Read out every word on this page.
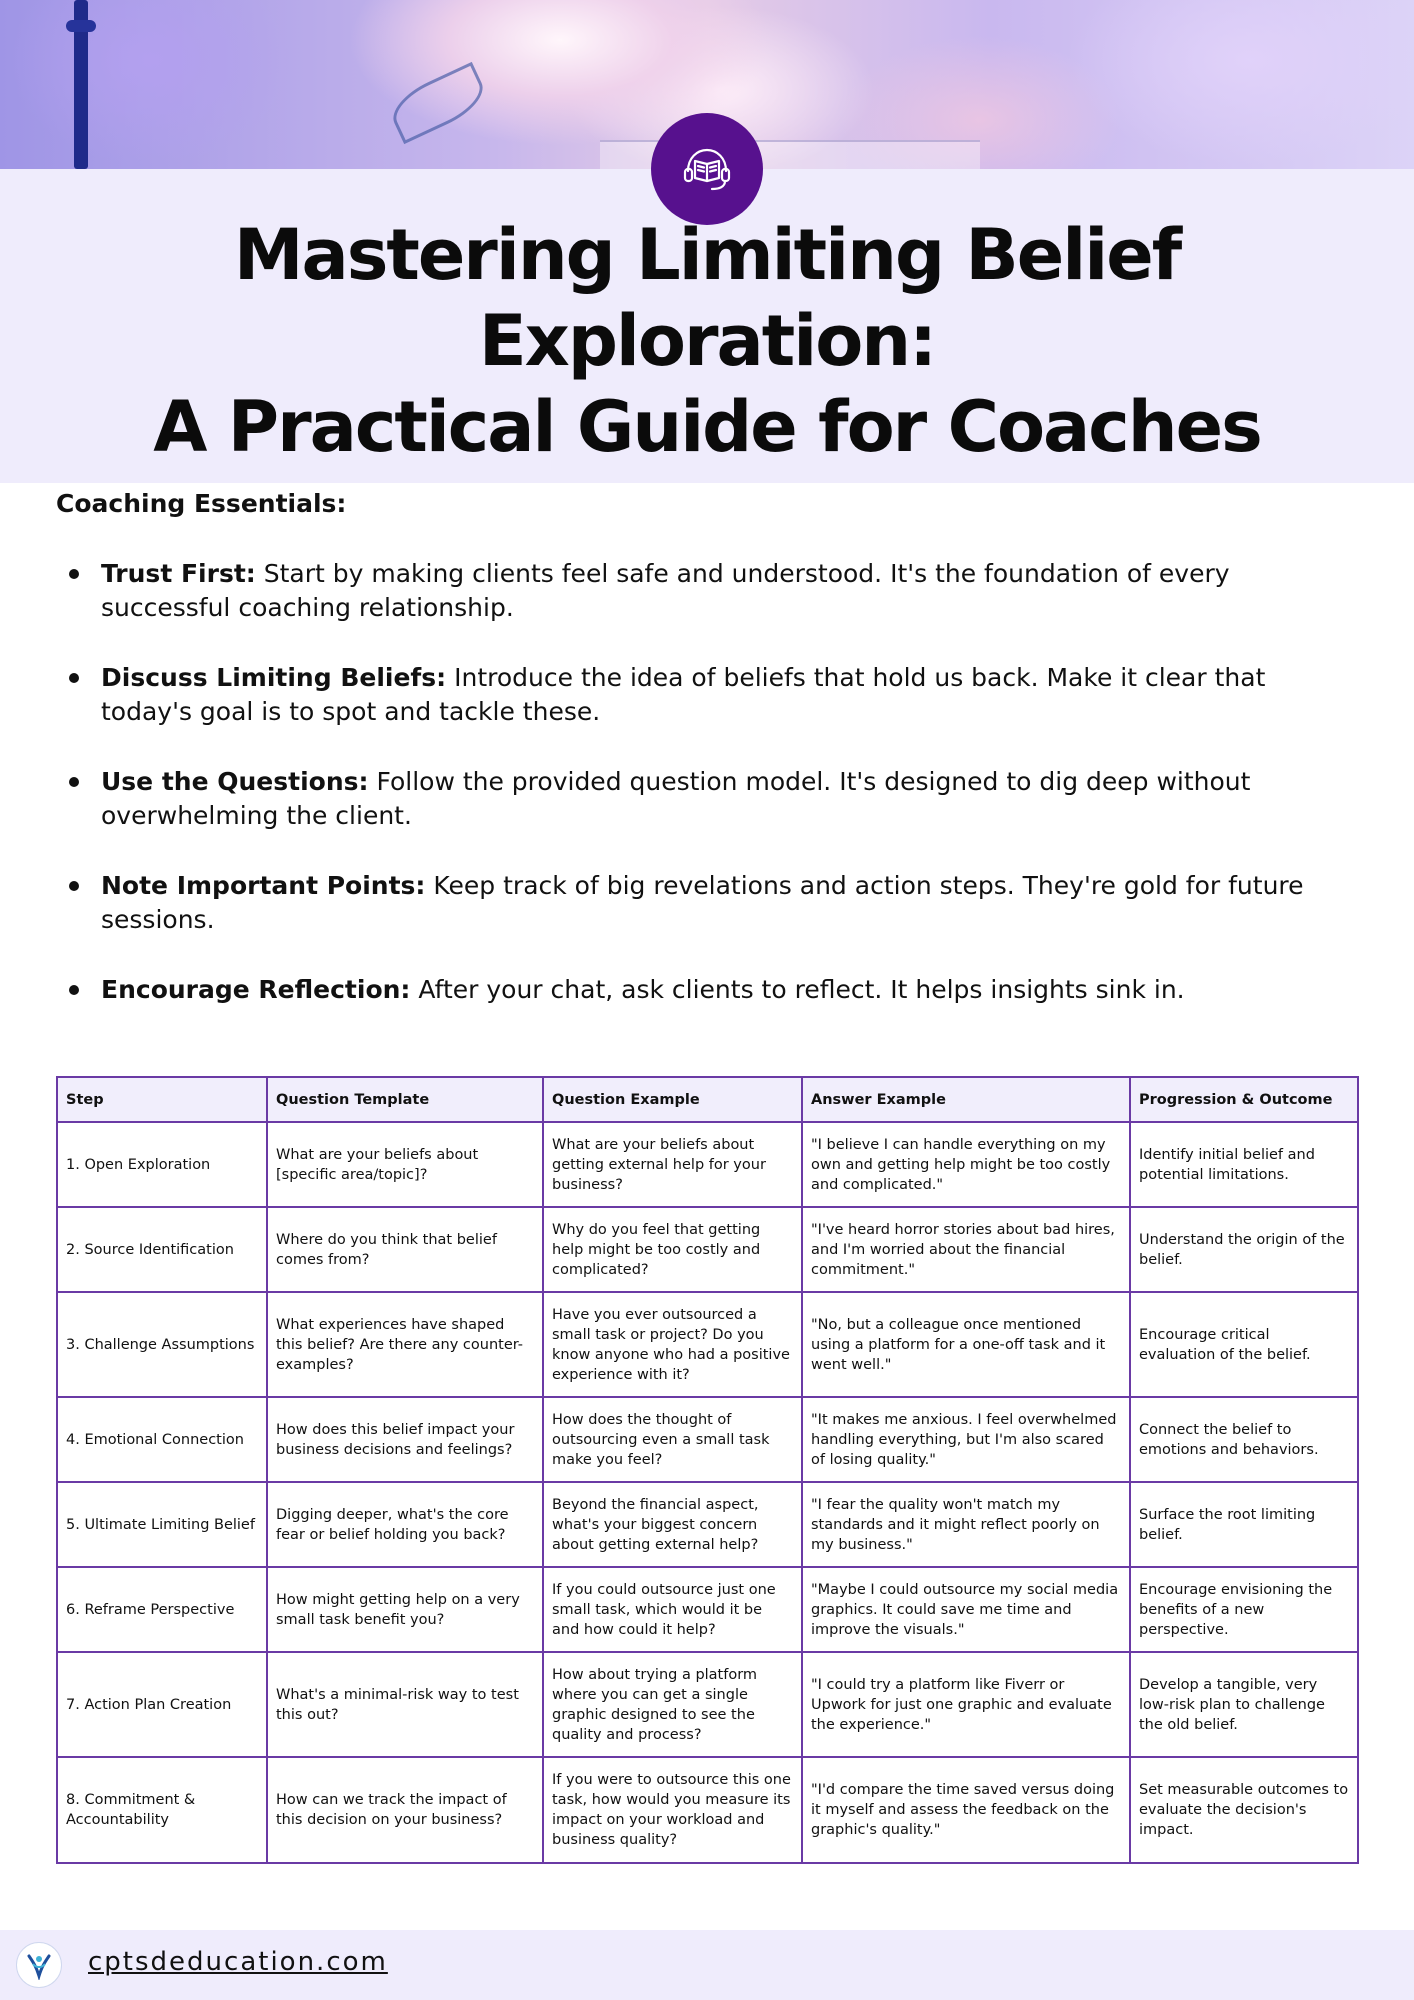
Mastering Limiting Belief Exploration:
A Practical Guide for Coaches
Coaching Essentials:
Trust First: Start by making clients feel safe and understood. It's the foundation of every successful coaching relationship.
Discuss Limiting Beliefs: Introduce the idea of beliefs that hold us back. Make it clear that today's goal is to spot and tackle these.
Use the Questions: Follow the provided question model. It's designed to dig deep without overwhelming the client.
Note Important Points: Keep track of big revelations and action steps. They're gold for future sessions.
Encourage Reflection: After your chat, ask clients to reflect. It helps insights sink in.
Step	Question Template	Question Example	Answer Example	Progression & Outcome
1. Open Exploration	What are your beliefs about [specific area/topic]?	What are your beliefs about getting external help for your business?	"I believe I can handle everything on my own and getting help might be too costly and complicated."	Identify initial belief and potential limitations.
2. Source Identification	Where do you think that belief comes from?	Why do you feel that getting help might be too costly and complicated?	"I've heard horror stories about bad hires, and I'm worried about the financial commitment."	Understand the origin of the belief.
3. Challenge Assumptions	What experiences have shaped this belief? Are there any counter-examples?	Have you ever outsourced a small task or project? Do you know anyone who had a positive experience with it?	"No, but a colleague once mentioned using a platform for a one-off task and it went well."	Encourage critical evaluation of the belief.
4. Emotional Connection	How does this belief impact your business decisions and feelings?	How does the thought of outsourcing even a small task make you feel?	"It makes me anxious. I feel overwhelmed handling everything, but I'm also scared of losing quality."	Connect the belief to emotions and behaviors.
5. Ultimate Limiting Belief	Digging deeper, what's the core fear or belief holding you back?	Beyond the financial aspect, what's your biggest concern about getting external help?	"I fear the quality won't match my standards and it might reflect poorly on my business."	Surface the root limiting belief.
6. Reframe Perspective	How might getting help on a very small task benefit you?	If you could outsource just one small task, which would it be and how could it help?	"Maybe I could outsource my social media graphics. It could save me time and improve the visuals."	Encourage envisioning the benefits of a new perspective.
7. Action Plan Creation	What's a minimal-risk way to test this out?	How about trying a platform where you can get a single graphic designed to see the quality and process?	"I could try a platform like Fiverr or Upwork for just one graphic and evaluate the experience."	Develop a tangible, very low-risk plan to challenge the old belief.
8. Commitment & Accountability	How can we track the impact of this decision on your business?	If you were to outsource this one task, how would you measure its impact on your workload and business quality?	"I'd compare the time saved versus doing it myself and assess the feedback on the graphic's quality."	Set measurable outcomes to evaluate the decision's impact.
cptsdeducation.com
